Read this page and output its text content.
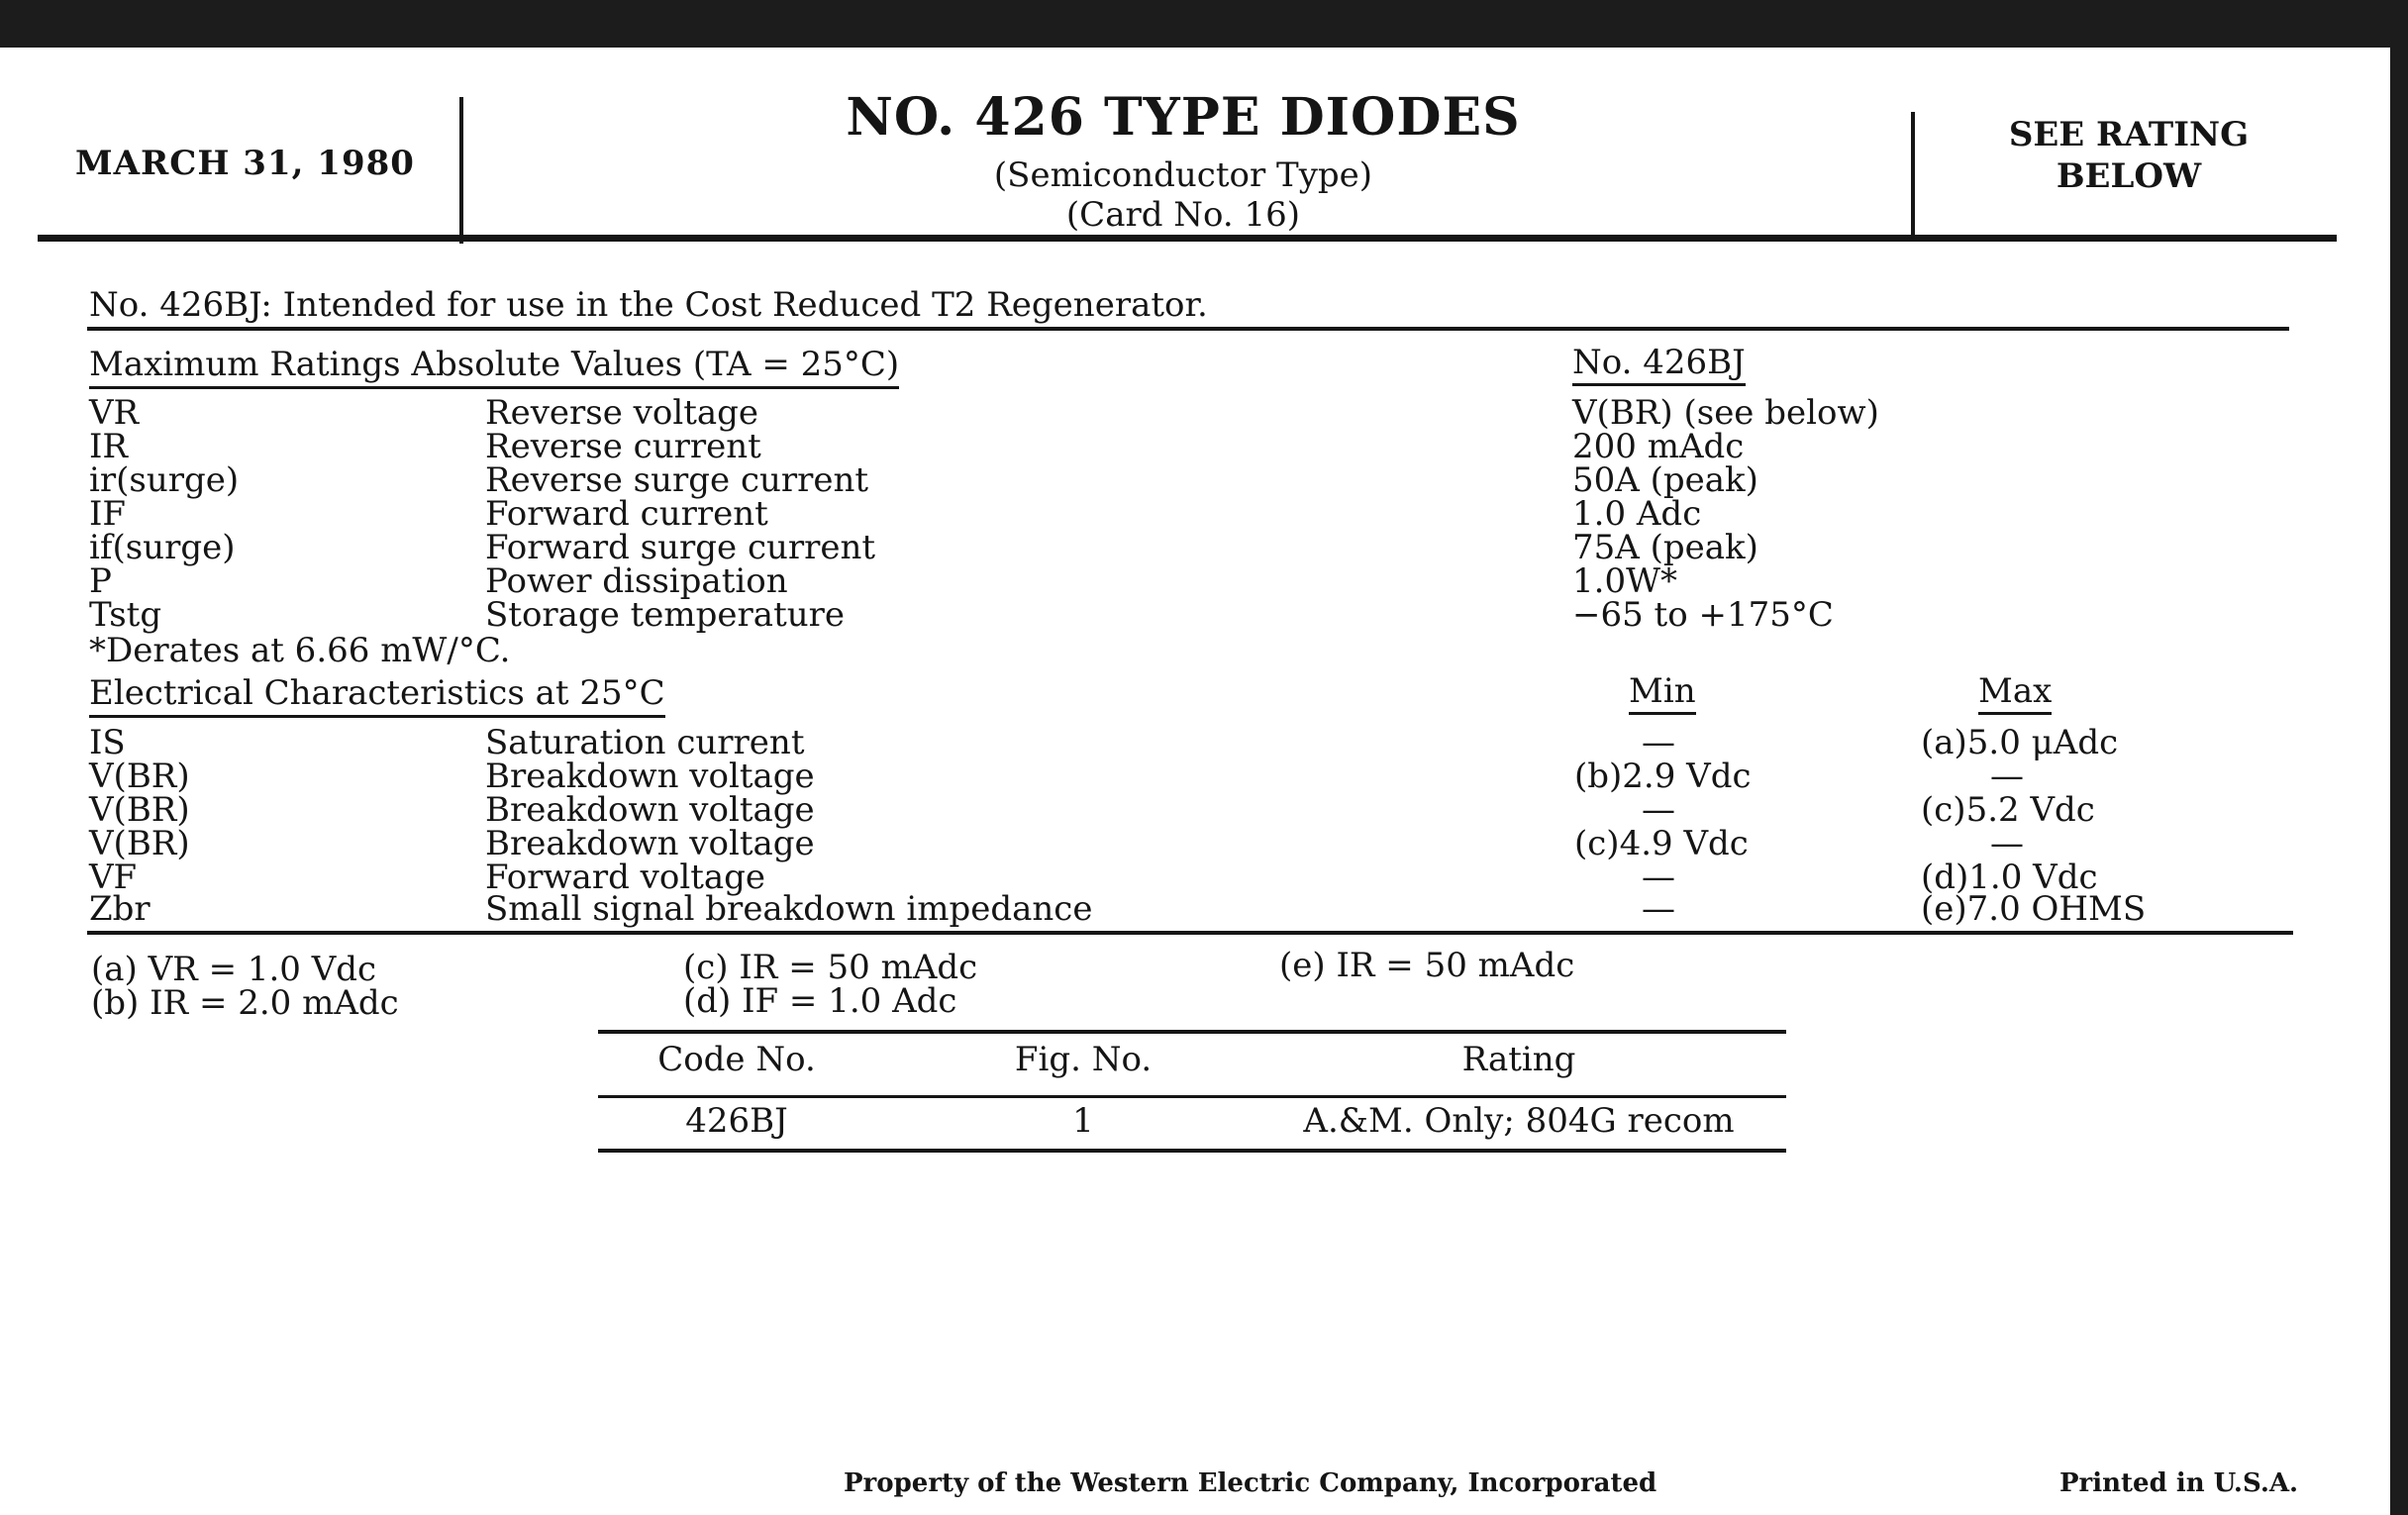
MARCH 31, 1980
NO. 426 TYPE DIODES
(Semiconductor Type)
(Card No. 16)
SEE RATING
BELOW
No. 426BJ: Intended for use in the Cost Reduced T2 Regenerator.
Maximum Ratings Absolute Values (TA = 25°C)	No. 426BJ
VR	Reverse voltage	V(BR) (see below)
IR	Reverse current	200 mAdc
ir(surge)	Reverse surge current	50A (peak)
IF	Forward current	1.0 Adc
if(surge)	Forward surge current	75A (peak)
P	Power dissipation	1.0W*
Tstg	Storage temperature	−65 to +175°C
*Derates at 6.66 mW/°C.
Electrical Characteristics at 25°C	Min	Max
IS	Saturation current	—	(a)5.0 μAdc
V(BR)	Breakdown voltage	(b)2.9 Vdc	—
V(BR)	Breakdown voltage	—	(c)5.2 Vdc
V(BR)	Breakdown voltage	(c)4.9 Vdc	—
VF	Forward voltage	—	(d)1.0 Vdc
Zbr	Small signal breakdown impedance	—	(e)7.0 OHMS
(a) VR = 1.0 Vdc
(b) IR = 2.0 mAdc
(c) IR = 50 mAdc
(d) IF = 1.0 Adc
(e) IR = 50 mAdc
Code No.	Fig. No.	Rating
426BJ	1	A.&M. Only; 804G recom
Property of the Western Electric Company, Incorporated	Printed in U.S.A.
